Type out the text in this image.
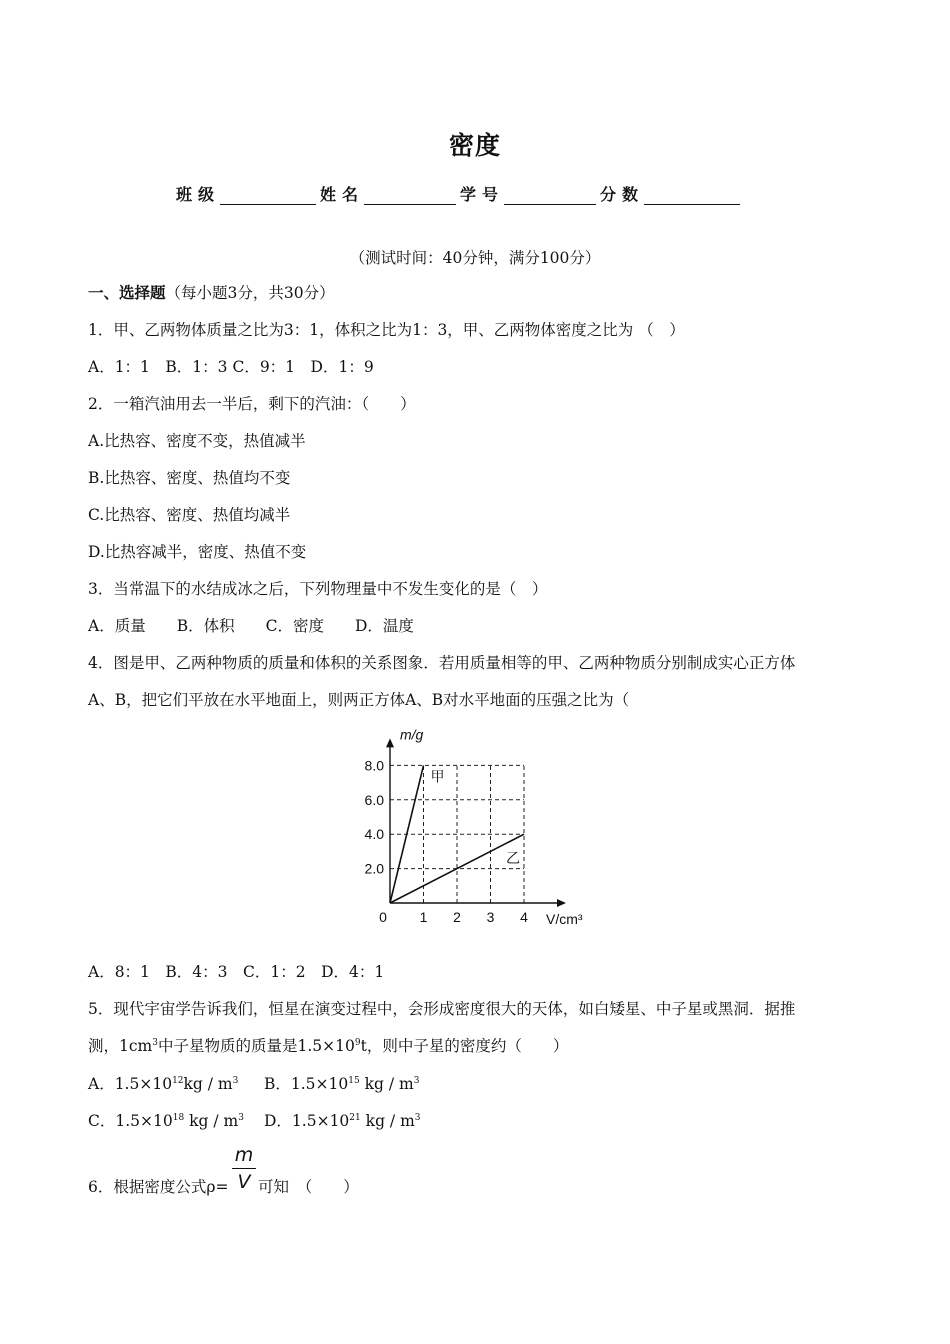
密度
班级	姓名	学号	分数
（测试时间：40分钟，满分100分）
一、选择题（每小题3分，共30分）
1．甲、乙两物体质量之比为3：1，体积之比为1：3，甲、乙两物体密度之比为 （　）
A．1：1　B．1：3 C．9：1　D．1：9
2．一箱汽油用去一半后，剩下的汽油：（　　）
A.比热容、密度不变，热值减半
B.比热容、密度、热值均不变
C.比热容、密度、热值均减半
D.比热容减半，密度、热值不变
3．当常温下的水结成冰之后，下列物理量中不发生变化的是（　）
A．质量　　B．体积　　C．密度　　D．温度
4．图是甲、乙两种物质的质量和体积的关系图象．若用质量相等的甲、乙两种物质分别制成实心正方体
A、B，把它们平放在水平地面上，则两正方体A、B对水平地面的压强之比为（
0 1 2 3 4
2.0
4.0
6.0
8.0
m/g
V/cm³
甲
乙
A．8：1　B．4：3　C．1：2　D．4：1
5．现代宇宙学告诉我们，恒星在演变过程中，会形成密度很大的天体，如白矮星、中子星或黑洞．据推
测，$1cm^3$中子星物质的质量是$1.5\times 10^9t$，则中子星的密度约（　　）
A．$1.5\times 10^{12}kg / m^3$ B．$1.5\times 10^{15}$ kg / $m^3$
C．$1.5\times 10^{18}$ kg / $m^3$ D．$1.5\times 10^{21}$ kg / $m^3$
6．根据密度公式ρ=
m
V 可知　（　　）
